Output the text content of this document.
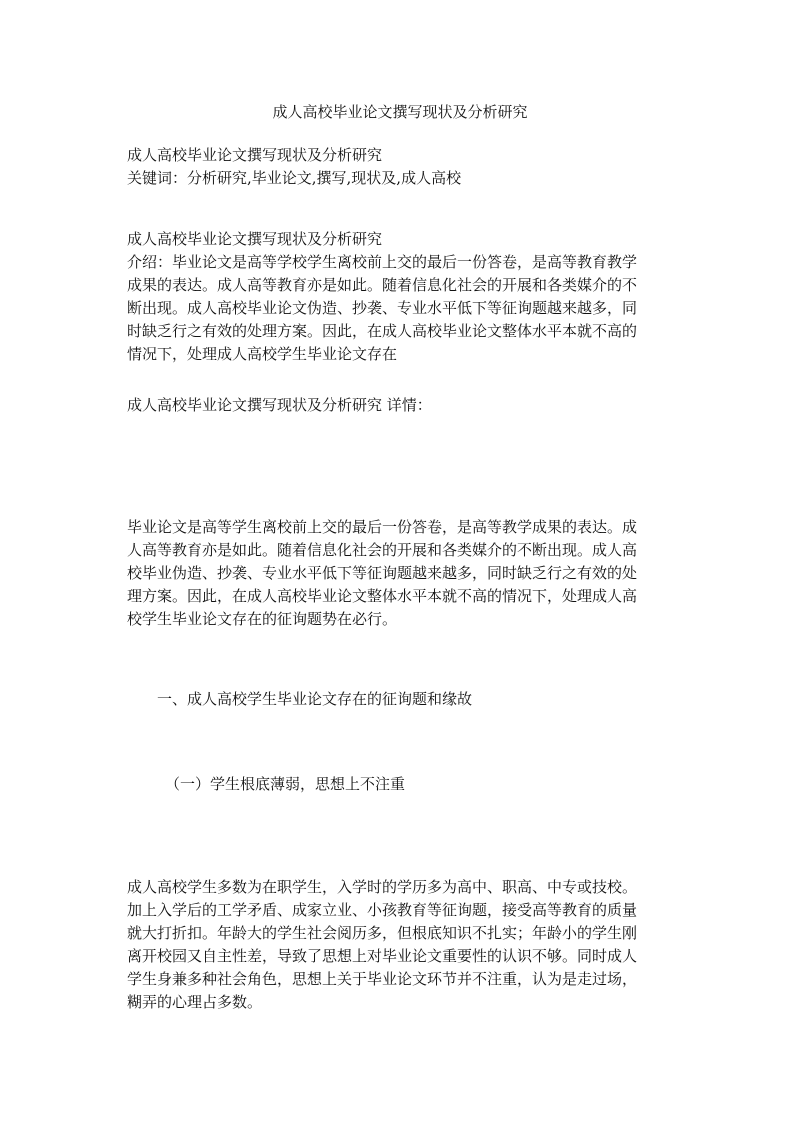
成人高校毕业论文撰写现状及分析研究
成人高校毕业论文撰写现状及分析研究
关键词：分析研究,毕业论文,撰写,现状及,成人高校
成人高校毕业论文撰写现状及分析研究
介绍：毕业论文是高等学校学生离校前上交的最后一份答卷，是高等教育教学
成果的表达。成人高等教育亦是如此。随着信息化社会的开展和各类媒介的不
断出现。成人高校毕业论文伪造、抄袭、专业水平低下等征询题越来越多，同
时缺乏行之有效的处理方案。因此，在成人高校毕业论文整体水平本就不高的
情况下，处理成人高校学生毕业论文存在
成人高校毕业论文撰写现状及分析研究 详情：
毕业论文是高等学生离校前上交的最后一份答卷，是高等教学成果的表达。成
人高等教育亦是如此。随着信息化社会的开展和各类媒介的不断出现。成人高
校毕业伪造、抄袭、专业水平低下等征询题越来越多，同时缺乏行之有效的处
理方案。因此，在成人高校毕业论文整体水平本就不高的情况下，处理成人高
校学生毕业论文存在的征询题势在必行。
一、成人高校学生毕业论文存在的征询题和缘故
（一）学生根底薄弱，思想上不注重
成人高校学生多数为在职学生，入学时的学历多为高中、职高、中专或技校。
加上入学后的工学矛盾、成家立业、小孩教育等征询题，接受高等教育的质量
就大打折扣。年龄大的学生社会阅历多，但根底知识不扎实；年龄小的学生刚
离开校园又自主性差，导致了思想上对毕业论文重要性的认识不够。同时成人
学生身兼多种社会角色，思想上关于毕业论文环节并不注重，认为是走过场，
糊弄的心理占多数。
